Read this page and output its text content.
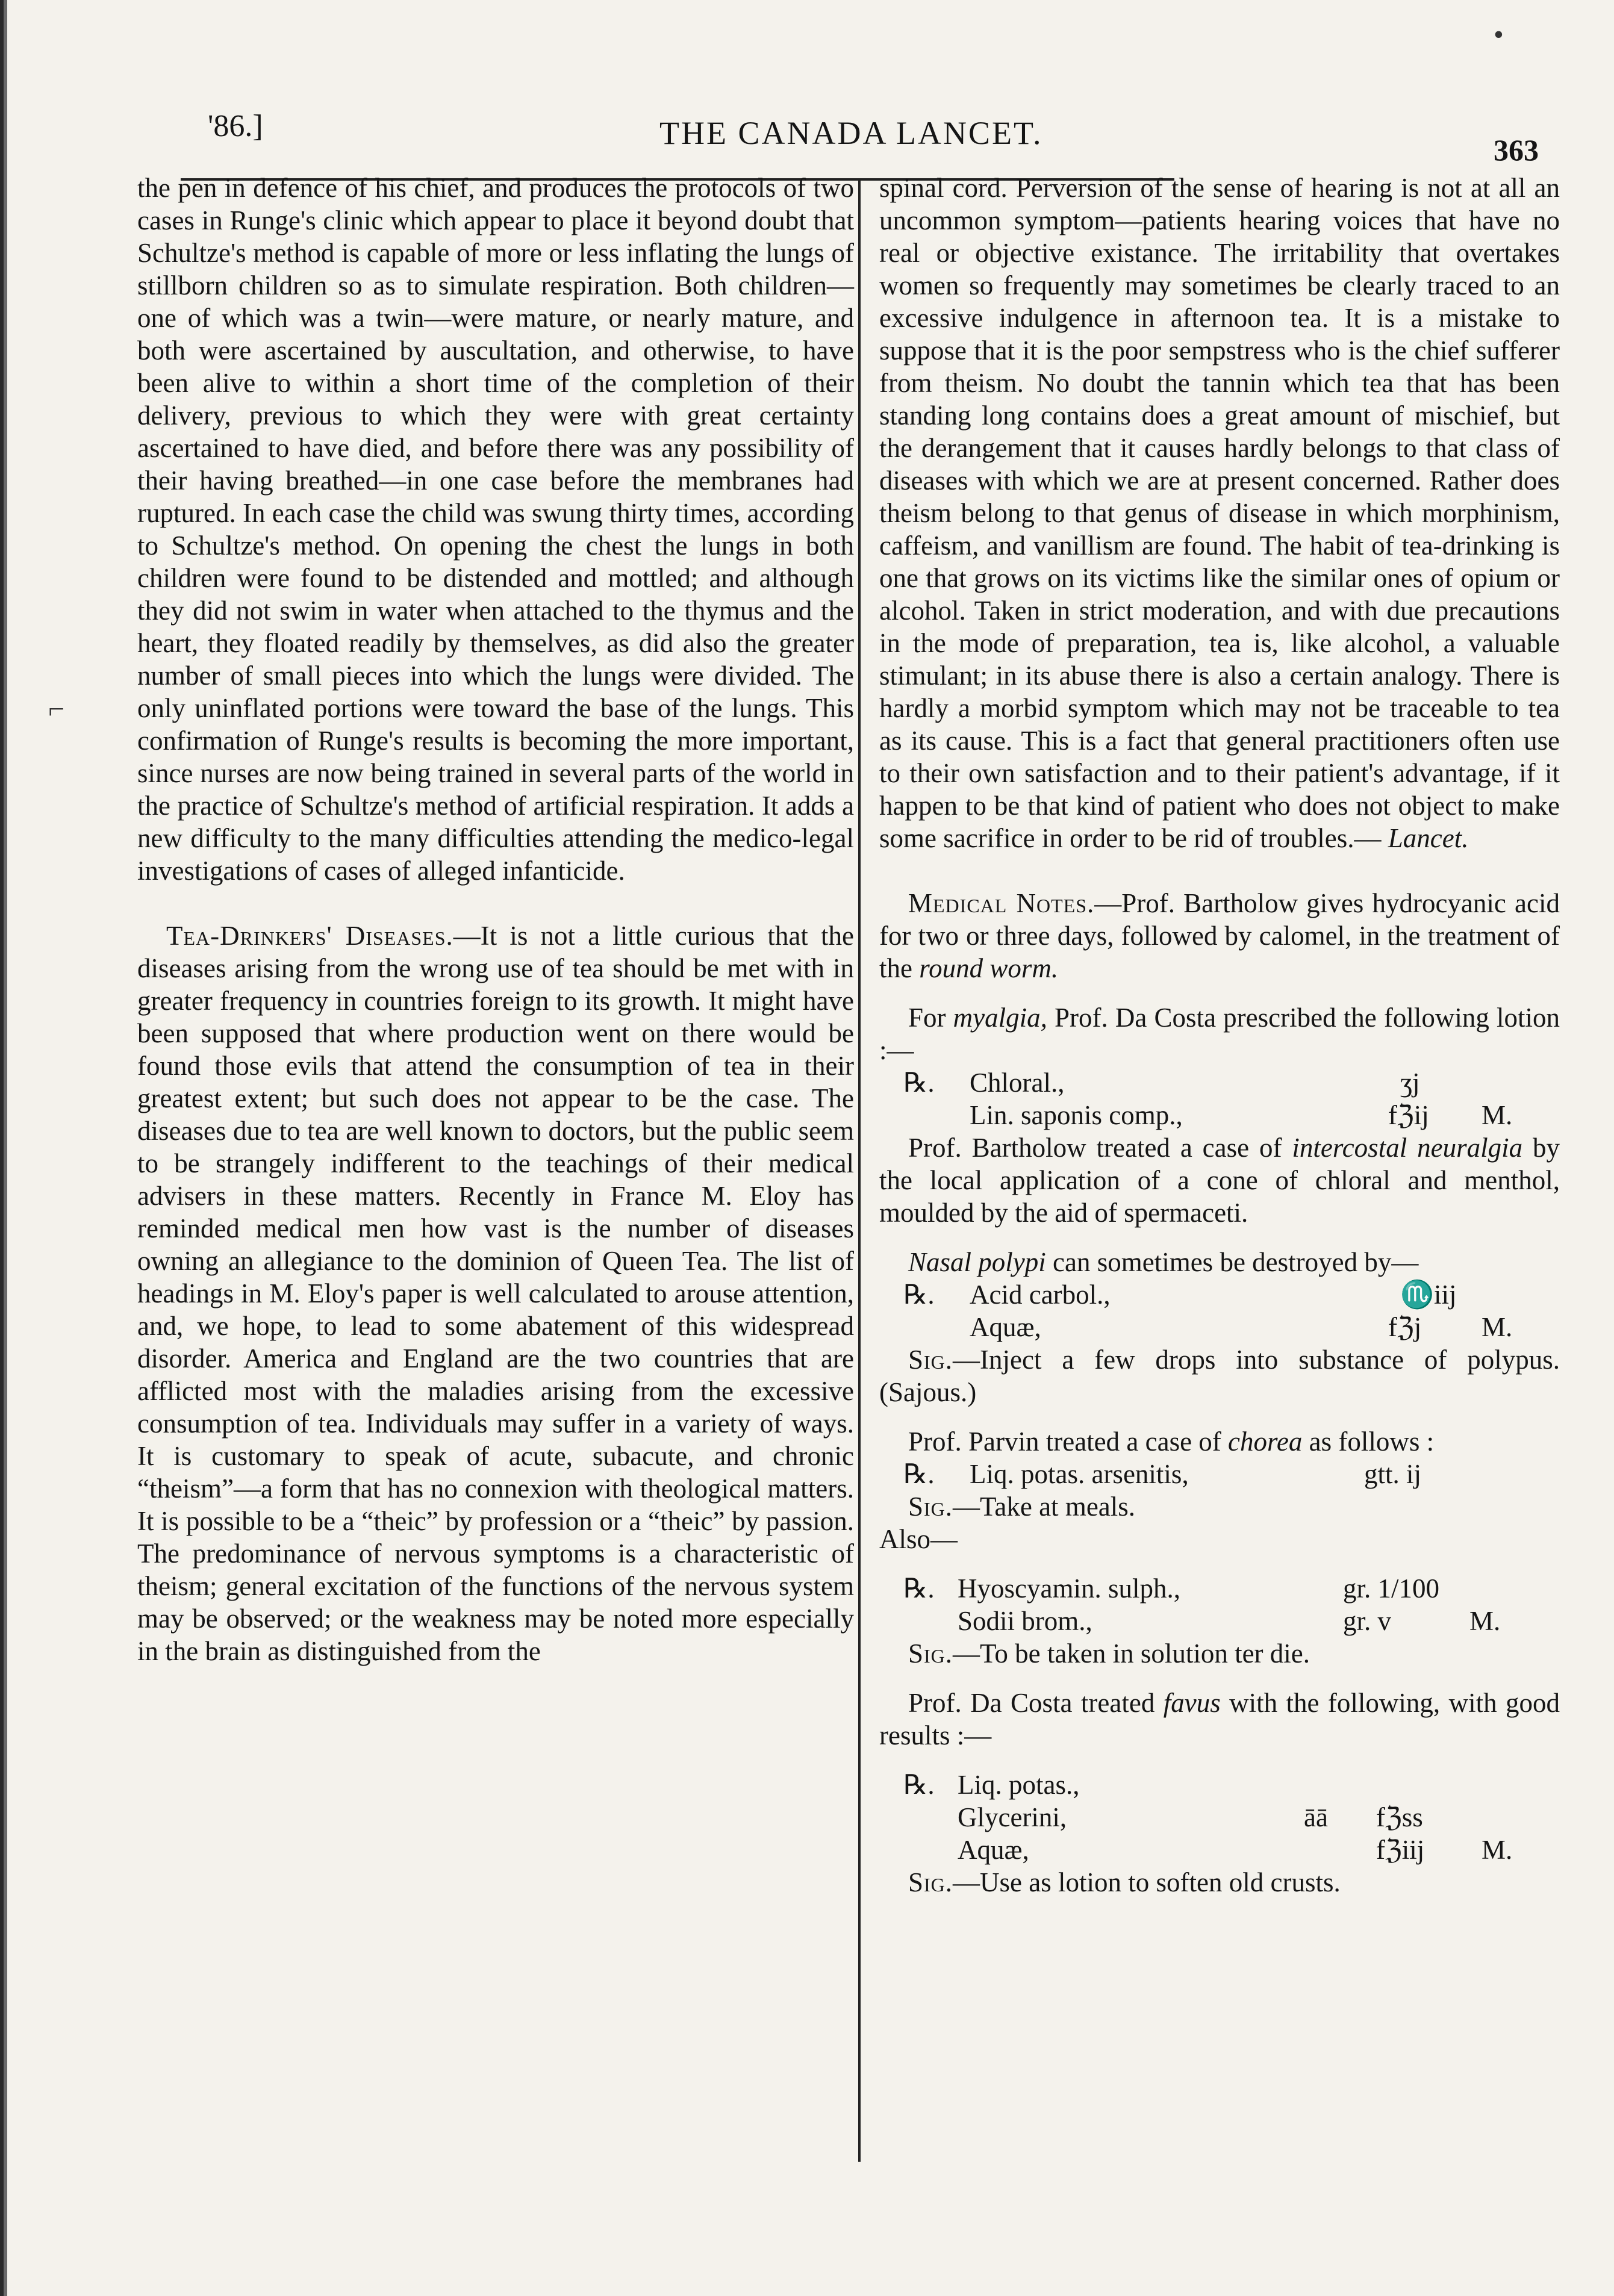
•
⌐
'86.]	THE CANADA LANCET.	363

the pen in defence of his chief, and produces the protocols of two cases in Runge's clinic which appear to place it beyond doubt that Schultze's method is capable of more or less inflating the lungs of stillborn children so as to simulate respiration. Both children—one of which was a twin—were mature, or nearly mature, and both were ascertained by auscultation, and otherwise, to have been alive to within a short time of the completion of their delivery, previous to which they were with great certainty ascertained to have died, and before there was any possibility of their having breathed—in one case before the membranes had ruptured. In each case the child was swung thirty times, according to Schultze's method. On opening the chest the lungs in both children were found to be distended and mottled; and although they did not swim in water when attached to the thymus and the heart, they floated readily by themselves, as did also the greater number of small pieces into which the lungs were divided. The only uninflated portions were toward the base of the lungs. This confirmation of Runge's results is becoming the more important, since nurses are now being trained in several parts of the world in the practice of Schultze's method of artificial respiration. It adds a new difficulty to the many difficulties attending the medico-legal investigations of cases of alleged infanticide.

Tea-Drinkers' Diseases.—It is not a little curious that the diseases arising from the wrong use of tea should be met with in greater frequency in countries foreign to its growth. It might have been supposed that where production went on there would be found those evils that attend the consumption of tea in their greatest extent; but such does not appear to be the case. The diseases due to tea are well known to doctors, but the public seem to be strangely indifferent to the teachings of their medical advisers in these matters. Recently in France M. Eloy has reminded medical men how vast is the number of diseases owning an allegiance to the dominion of Queen Tea. The list of headings in M. Eloy's paper is well calculated to arouse attention, and, we hope, to lead to some abatement of this widespread disorder. America and England are the two countries that are afflicted most with the maladies arising from the excessive consumption of tea. Individuals may suffer in a variety of ways. It is customary to speak of acute, subacute, and chronic “theism”—a form that has no connexion with theological matters. It is possible to be a “theic” by profession or a “theic” by passion. The predominance of nervous symptoms is a characteristic of theism; general excitation of the functions of the nervous system may be observed; or the weakness may be noted more especially in the brain as distinguished from the

spinal cord. Perversion of the sense of hearing is not at all an uncommon symptom—patients hearing voices that have no real or objective existance. The irritability that overtakes women so frequently may sometimes be clearly traced to an excessive indulgence in afternoon tea. It is a mistake to suppose that it is the poor sempstress who is the chief sufferer from theism. No doubt the tannin which tea that has been standing long contains does a great amount of mischief, but the derangement that it causes hardly belongs to that class of diseases with which we are at present concerned. Rather does theism belong to that genus of disease in which morphinism, caffeism, and vanillism are found. The habit of tea-drinking is one that grows on its victims like the similar ones of opium or alcohol. Taken in strict moderation, and with due precautions in the mode of preparation, tea is, like alcohol, a valuable stimulant; in its abuse there is also a certain analogy. There is hardly a morbid symptom which may not be traceable to tea as its cause. This is a fact that general practitioners often use to their own satisfaction and to their patient's advantage, if it happen to be that kind of patient who does not object to make some sacrifice in order to be rid of troubles.— Lancet.

Medical Notes.—Prof. Bartholow gives hydrocyanic acid for two or three days, followed by calomel, in the treatment of the round worm.

For myalgia, Prof. Da Costa prescribed the following lotion :—

℞. Chloral.,	ʒj
Lin. saponis comp.,	fℨij M.

Prof. Bartholow treated a case of intercostal neuralgia by the local application of a cone of chloral and menthol, moulded by the aid of spermaceti.

Nasal polypi can sometimes be destroyed by—

℞. Acid carbol.,	♏iij
Aquæ,	fℨj M.

Sig.—Inject a few drops into substance of polypus. (Sajous.)

Prof. Parvin treated a case of chorea as follows :

℞. Liq. potas. arsenitis,	gtt. ij

Sig.—Take at meals.

Also—

℞. Hyoscyamin. sulph.,	gr. 1/100
Sodii brom.,	gr. v	M.

Sig.—To be taken in solution ter die.

Prof. Da Costa treated favus with the following, with good results :—

℞. Liq. potas.,
Glycerini,	āā fℨss
Aquæ,	fℨiij M.

Sig.—Use as lotion to soften old crusts.
